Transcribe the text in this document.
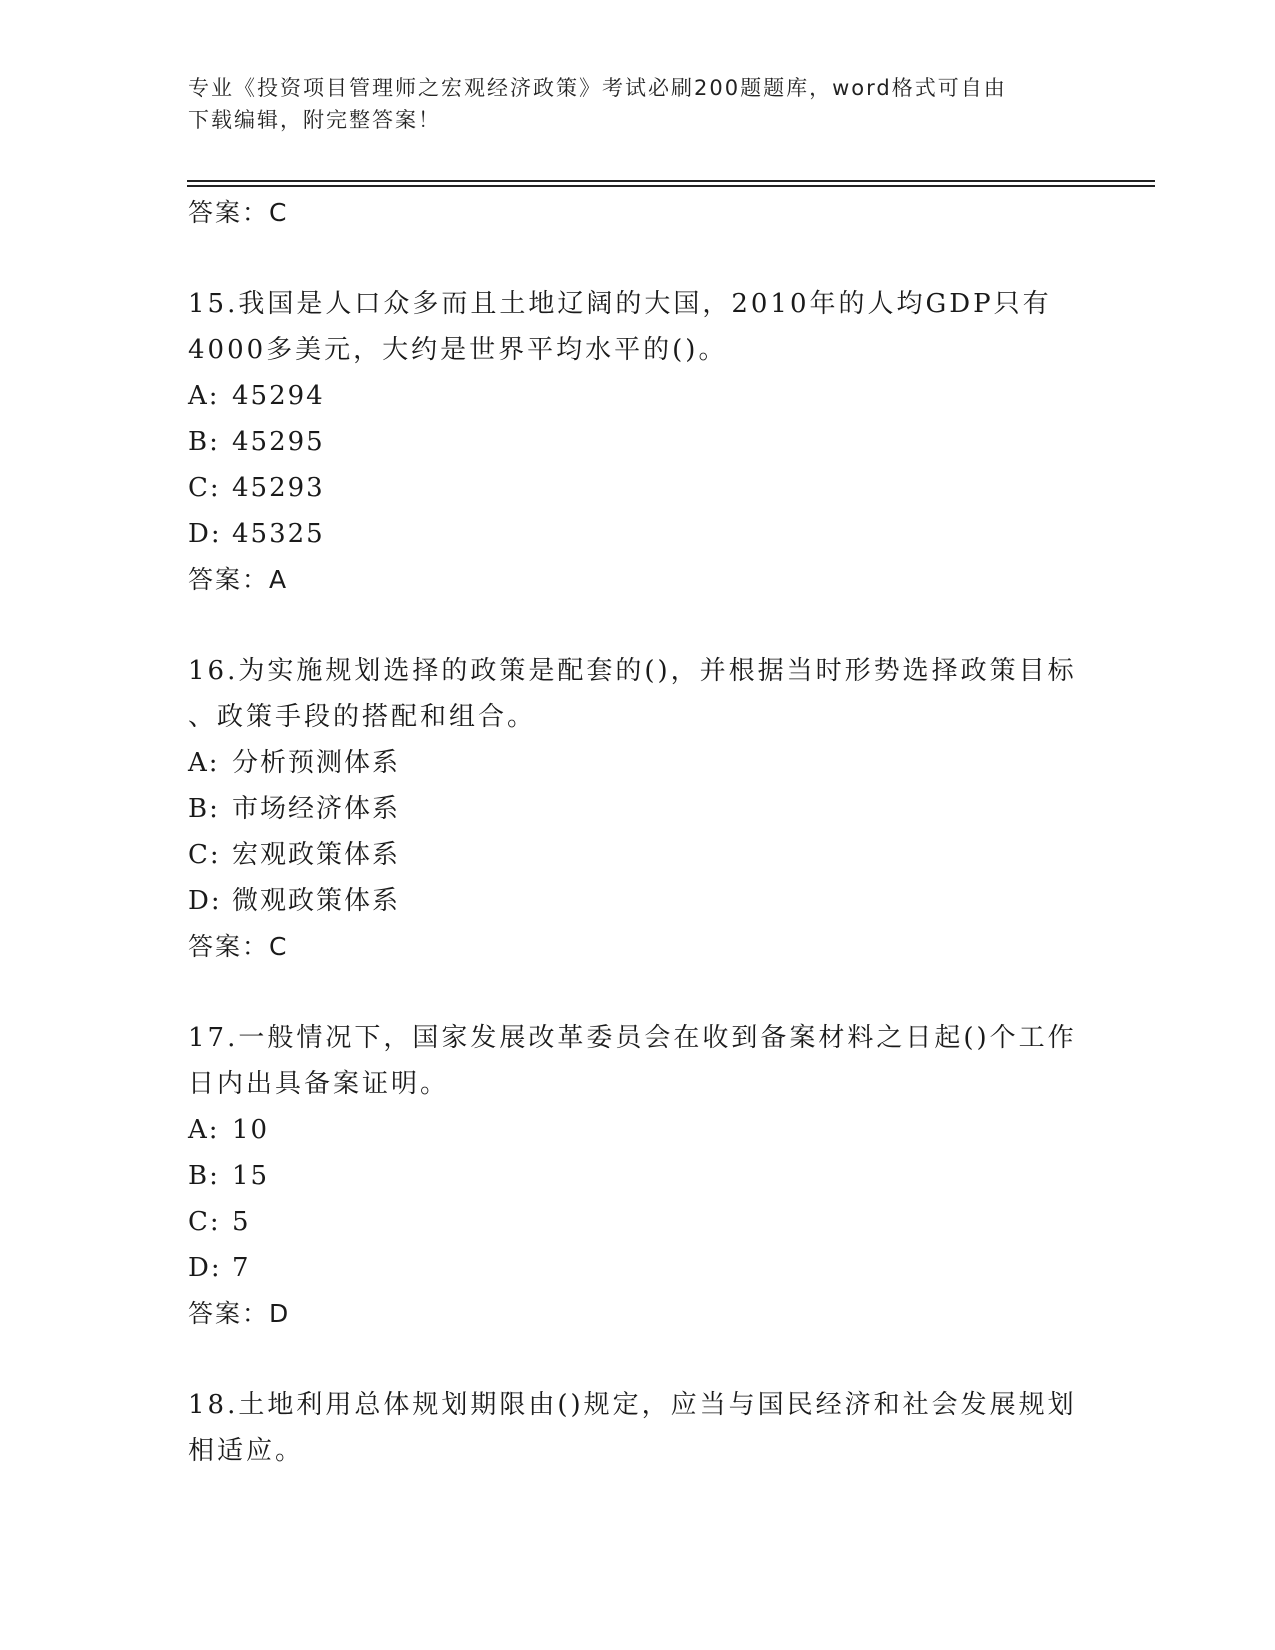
专业《投资项目管理师之宏观经济政策》考试必刷200题题库，word格式可自由
下载编辑，附完整答案！
答案：C
15.我国是人口众多而且土地辽阔的大国，2010年的人均GDP只有
4000多美元，大约是世界平均水平的()。
A: 45294
B: 45295
C: 45293
D: 45325
答案：A
16.为实施规划选择的政策是配套的()，并根据当时形势选择政策目标
、政策手段的搭配和组合。
A: 分析预测体系
B: 市场经济体系
C: 宏观政策体系
D: 微观政策体系
答案：C
17.一般情况下，国家发展改革委员会在收到备案材料之日起()个工作
日内出具备案证明。
A: 10
B: 15
C: 5
D: 7
答案：D
18.土地利用总体规划期限由()规定，应当与国民经济和社会发展规划
相适应。
